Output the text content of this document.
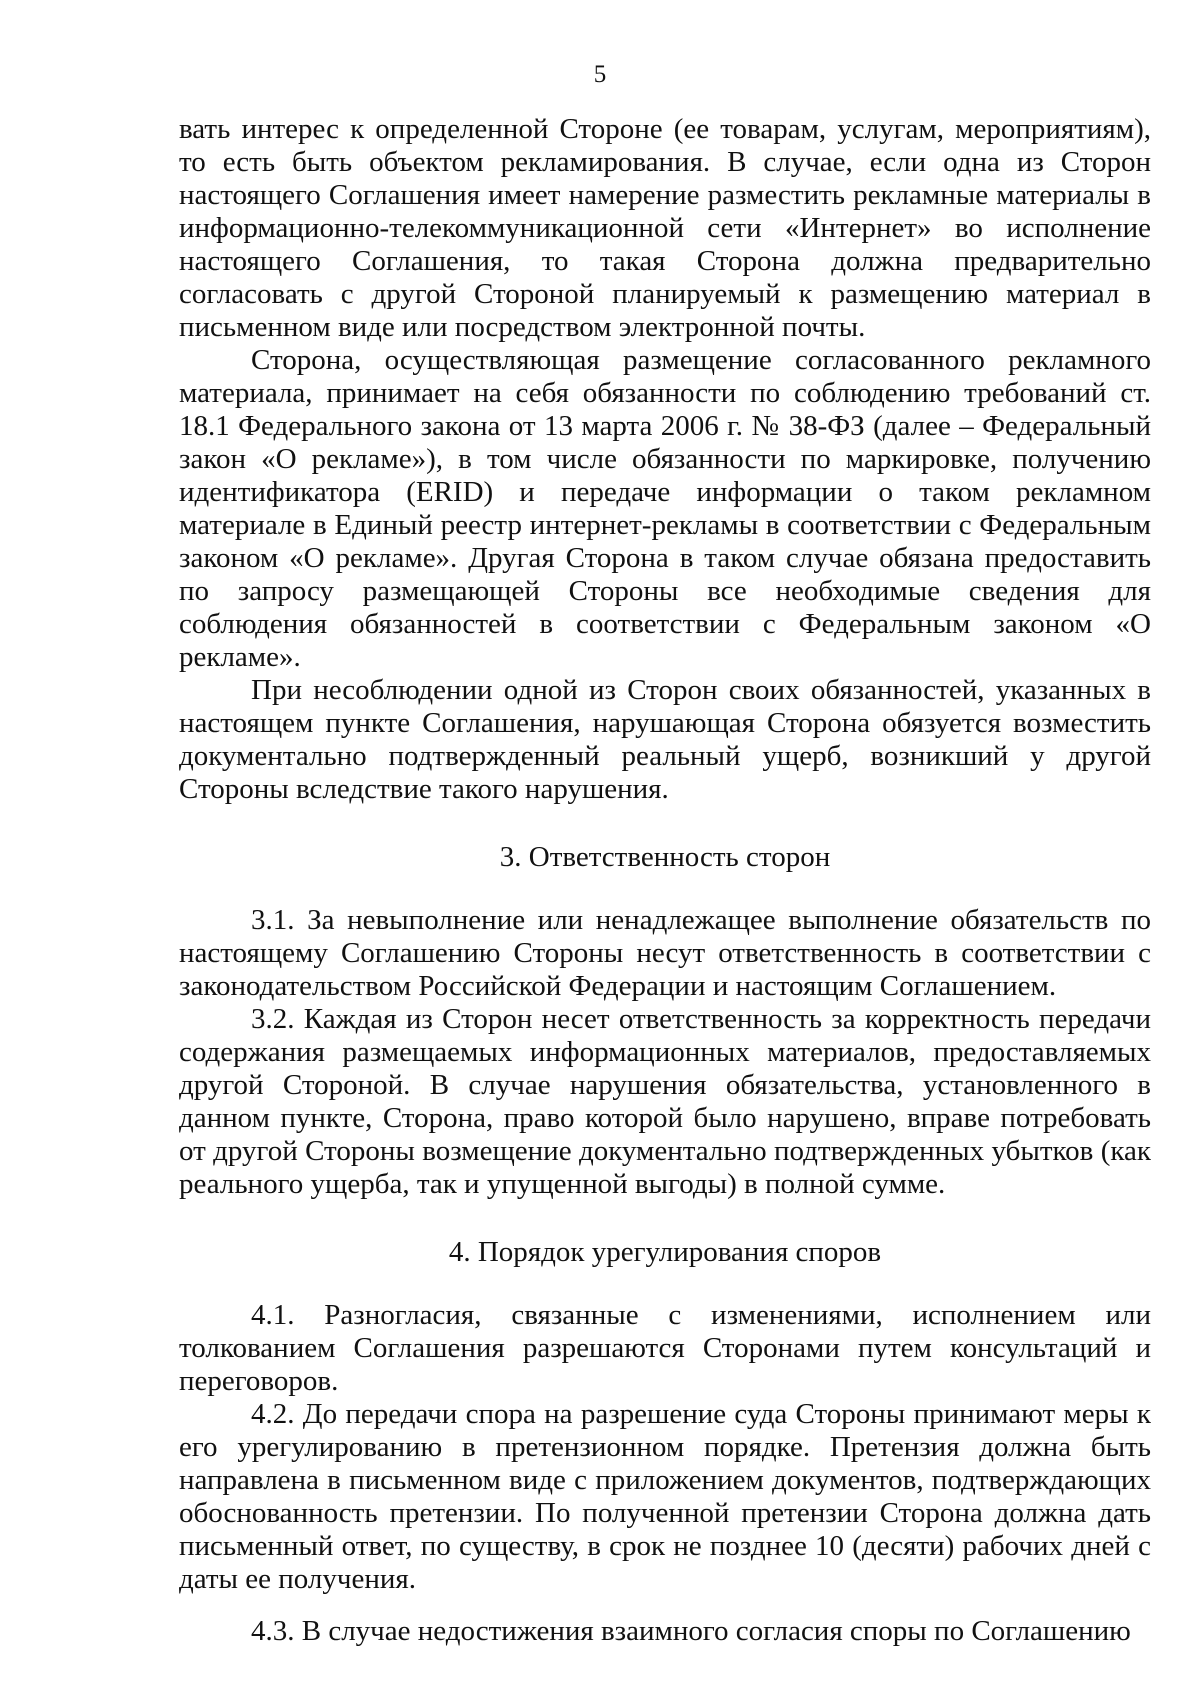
5

вать интерес к определенной Стороне (ее товарам, услугам, мероприятиям), то есть быть объектом рекламирования. В случае, если одна из Сторон настоящего Соглашения имеет намерение разместить рекламные материалы в информационно-телекоммуникационной сети «Интернет» во исполнение настоящего Соглашения, то такая Сторона должна предварительно согласовать с другой Стороной планируемый к размещению материал в письменном виде или посредством электронной почты.

Сторона, осуществляющая размещение согласованного рекламного материала, принимает на себя обязанности по соблюдению требований ст. 18.1 Федерального закона от 13 марта 2006 г. № 38-ФЗ (далее – Федеральный закон «О рекламе»), в том числе обязанности по маркировке, получению идентификатора (ERID) и передаче информации о таком рекламном материале в Единый реестр интернет-рекламы в соответствии с Федеральным законом «О рекламе». Другая Сторона в таком случае обязана предоставить по запросу размещающей Стороны все необходимые сведения для соблюдения обязанностей в соответствии с Федеральным законом «О рекламе».

При несоблюдении одной из Сторон своих обязанностей, указанных в настоящем пункте Соглашения, нарушающая Сторона обязуется возместить документально подтвержденный реальный ущерб, возникший у другой Стороны вследствие такого нарушения.

3. Ответственность сторон

3.1. За невыполнение или ненадлежащее выполнение обязательств по настоящему Соглашению Стороны несут ответственность в соответствии с законодательством Российской Федерации и настоящим Соглашением.

3.2. Каждая из Сторон несет ответственность за корректность передачи содержания размещаемых информационных материалов, предоставляемых другой Стороной. В случае нарушения обязательства, установленного в данном пункте, Сторона, право которой было нарушено, вправе потребовать от другой Стороны возмещение документально подтвержденных убытков (как реального ущерба, так и упущенной выгоды) в полной сумме.

4. Порядок урегулирования споров

4.1. Разногласия, связанные с изменениями, исполнением или толкованием Соглашения разрешаются Сторонами путем консультаций и переговоров.

4.2. До передачи спора на разрешение суда Стороны принимают меры к его урегулированию в претензионном порядке. Претензия должна быть направлена в письменном виде с приложением документов, подтверждающих обоснованность претензии. По полученной претензии Сторона должна дать письменный ответ, по существу, в срок не позднее 10 (десяти) рабочих дней с даты ее получения.

4.3. В случае недостижения взаимного согласия споры по Соглашению
